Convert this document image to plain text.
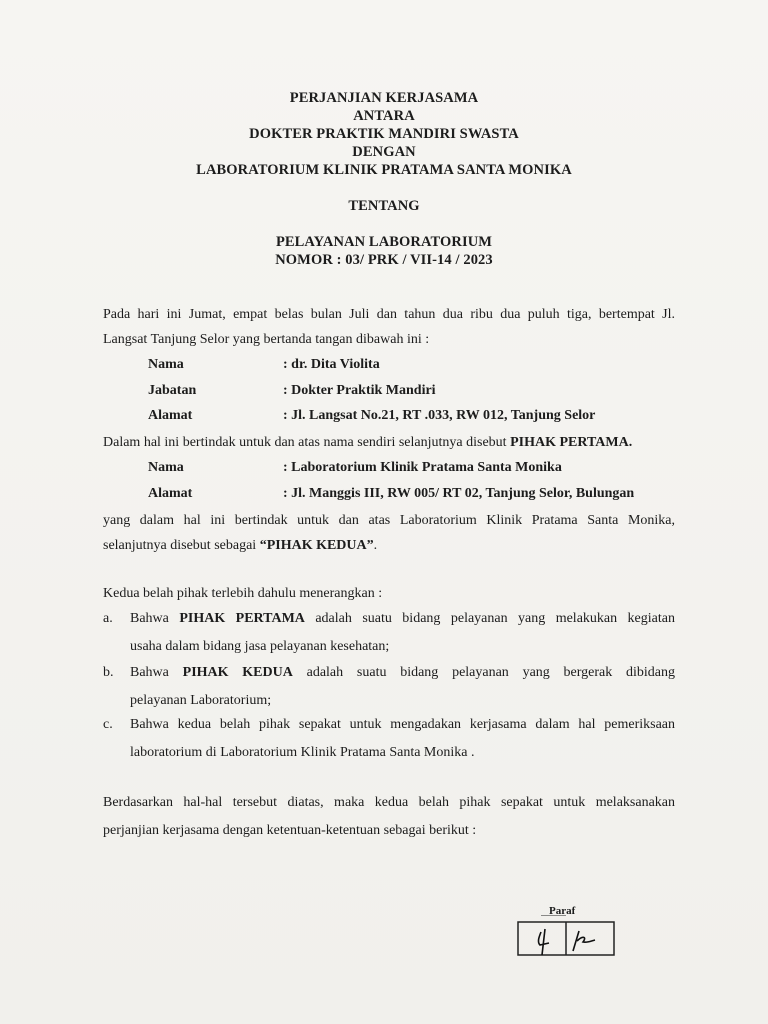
PERJANJIAN KERJASAMA
ANTARA
DOKTER PRAKTIK MANDIRI SWASTA
DENGAN
LABORATORIUM KLINIK PRATAMA SANTA MONIKA
TENTANG
PELAYANAN LABORATORIUM
NOMOR : 03/ PRK / VII-14 / 2023
Pada hari ini Jumat, empat belas bulan Juli dan tahun dua ribu dua puluh tiga, bertempat Jl.
Langsat Tanjung Selor yang bertanda tangan dibawah ini :
Nama	: dr. Dita Violita
Jabatan	: Dokter Praktik Mandiri
Alamat	: Jl. Langsat No.21, RT .033, RW 012, Tanjung Selor
Dalam hal ini bertindak untuk dan atas nama sendiri selanjutnya disebut PIHAK PERTAMA.
Nama	: Laboratorium Klinik Pratama Santa Monika
Alamat	: Jl. Manggis III, RW 005/ RT 02, Tanjung Selor, Bulungan
yang dalam hal ini bertindak untuk dan atas Laboratorium Klinik Pratama Santa Monika,
selanjutnya disebut sebagai “PIHAK KEDUA”.
Kedua belah pihak terlebih dahulu menerangkan :
a. Bahwa PIHAK PERTAMA adalah suatu bidang pelayanan yang melakukan kegiatan
usaha dalam bidang jasa pelayanan kesehatan;
b. Bahwa PIHAK KEDUA adalah suatu bidang pelayanan yang bergerak dibidang
pelayanan Laboratorium;
c. Bahwa kedua belah pihak sepakat untuk mengadakan kerjasama dalam hal pemeriksaan
laboratorium di Laboratorium Klinik Pratama Santa Monika .
Berdasarkan hal-hal tersebut diatas, maka kedua belah pihak sepakat untuk melaksanakan
perjanjian kerjasama dengan ketentuan-ketentuan sebagai berikut :
Paraf
